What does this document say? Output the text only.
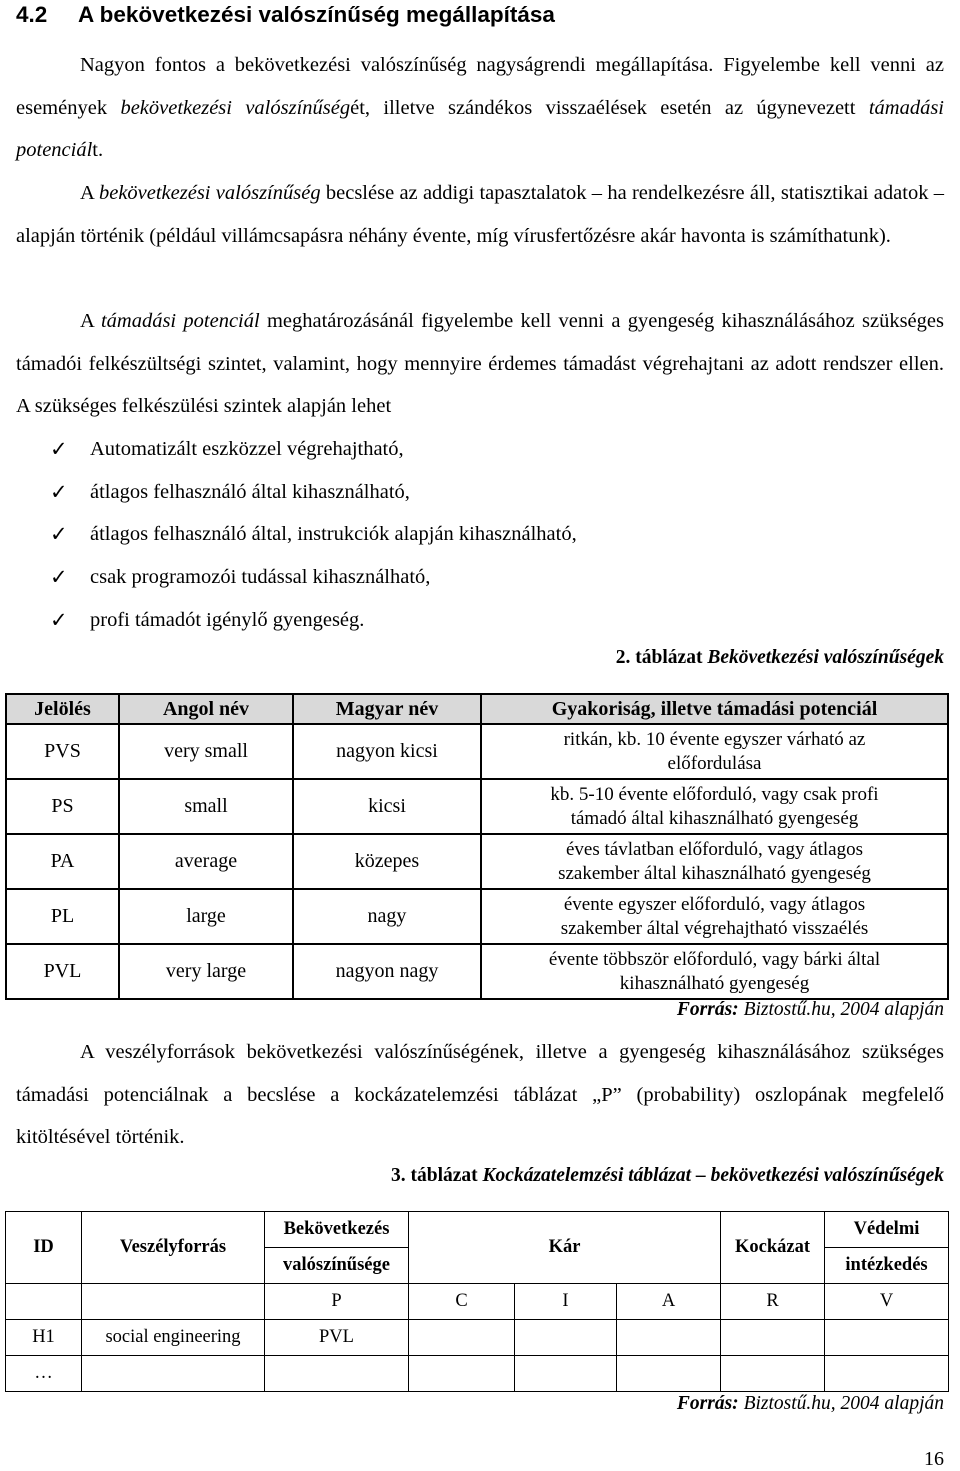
4.2 A bekövetkezési valószínűség megállapítása

Nagyon fontos a bekövetkezési valószínűség nagyságrendi megállapítása. Figyelembe kell venni az események bekövetkezési valószínűségét, illetve szándékos visszaélések esetén az úgynevezett támadási potenciált.

A bekövetkezési valószínűség becslése az addigi tapasztalatok – ha rendelkezésre áll, statisztikai adatok – alapján történik (például villámcsapásra néhány évente, míg vírusfertőzésre akár havonta is számíthatunk).

A támadási potenciál meghatározásánál figyelembe kell venni a gyengeség kihasználásához szükséges támadói felkészültségi szintet, valamint, hogy mennyire érdemes támadást végrehajtani az adott rendszer ellen. A szükséges felkészülési szintek alapján lehet

✓	Automatizált eszközzel végrehajtható,
✓	átlagos felhasználó által kihasználható,
✓	átlagos felhasználó által, instrukciók alapján kihasználható,
✓	csak programozói tudással kihasználható,
✓	profi támadót igénylő gyengeség.
2. táblázat Bekövetkezési valószínűségek
Jelölés	Angol név	Magyar név	Gyakoriság, illetve támadási potenciál
PVS	very small	nagyon kicsi	ritkán, kb. 10 évente egyszer várható az
előfordulása
PS	small	kicsi	kb. 5-10 évente előforduló, vagy csak profi
támadó által kihasználható gyengeség
PA	average	közepes	éves távlatban előforduló, vagy átlagos
szakember által kihasználható gyengeség
PL	large	nagy	évente egyszer előforduló, vagy átlagos
szakember által végrehajtható visszaélés
PVL	very large	nagyon nagy	évente többször előforduló, vagy bárki által
kihasználható gyengeség
Forrás: Biztostű.hu, 2004 alapján

A veszélyforrások bekövetkezési valószínűségének, illetve a gyengeség kihasználásához szükséges támadási potenciálnak a becslése a kockázatelemzési táblázat „P” (probability) oszlopának megfelelő kitöltésével történik.

3. táblázat Kockázatelemzési táblázat – bekövetkezési valószínűségek
ID	Veszélyforrás	Bekövetkezés	Kár			Kockázat	Védelmi
		valószínűsége					intézkedés
		P	C	I	A	R	V
H1	social engineering	PVL					
…							
Forrás: Biztostű.hu, 2004 alapján
16
